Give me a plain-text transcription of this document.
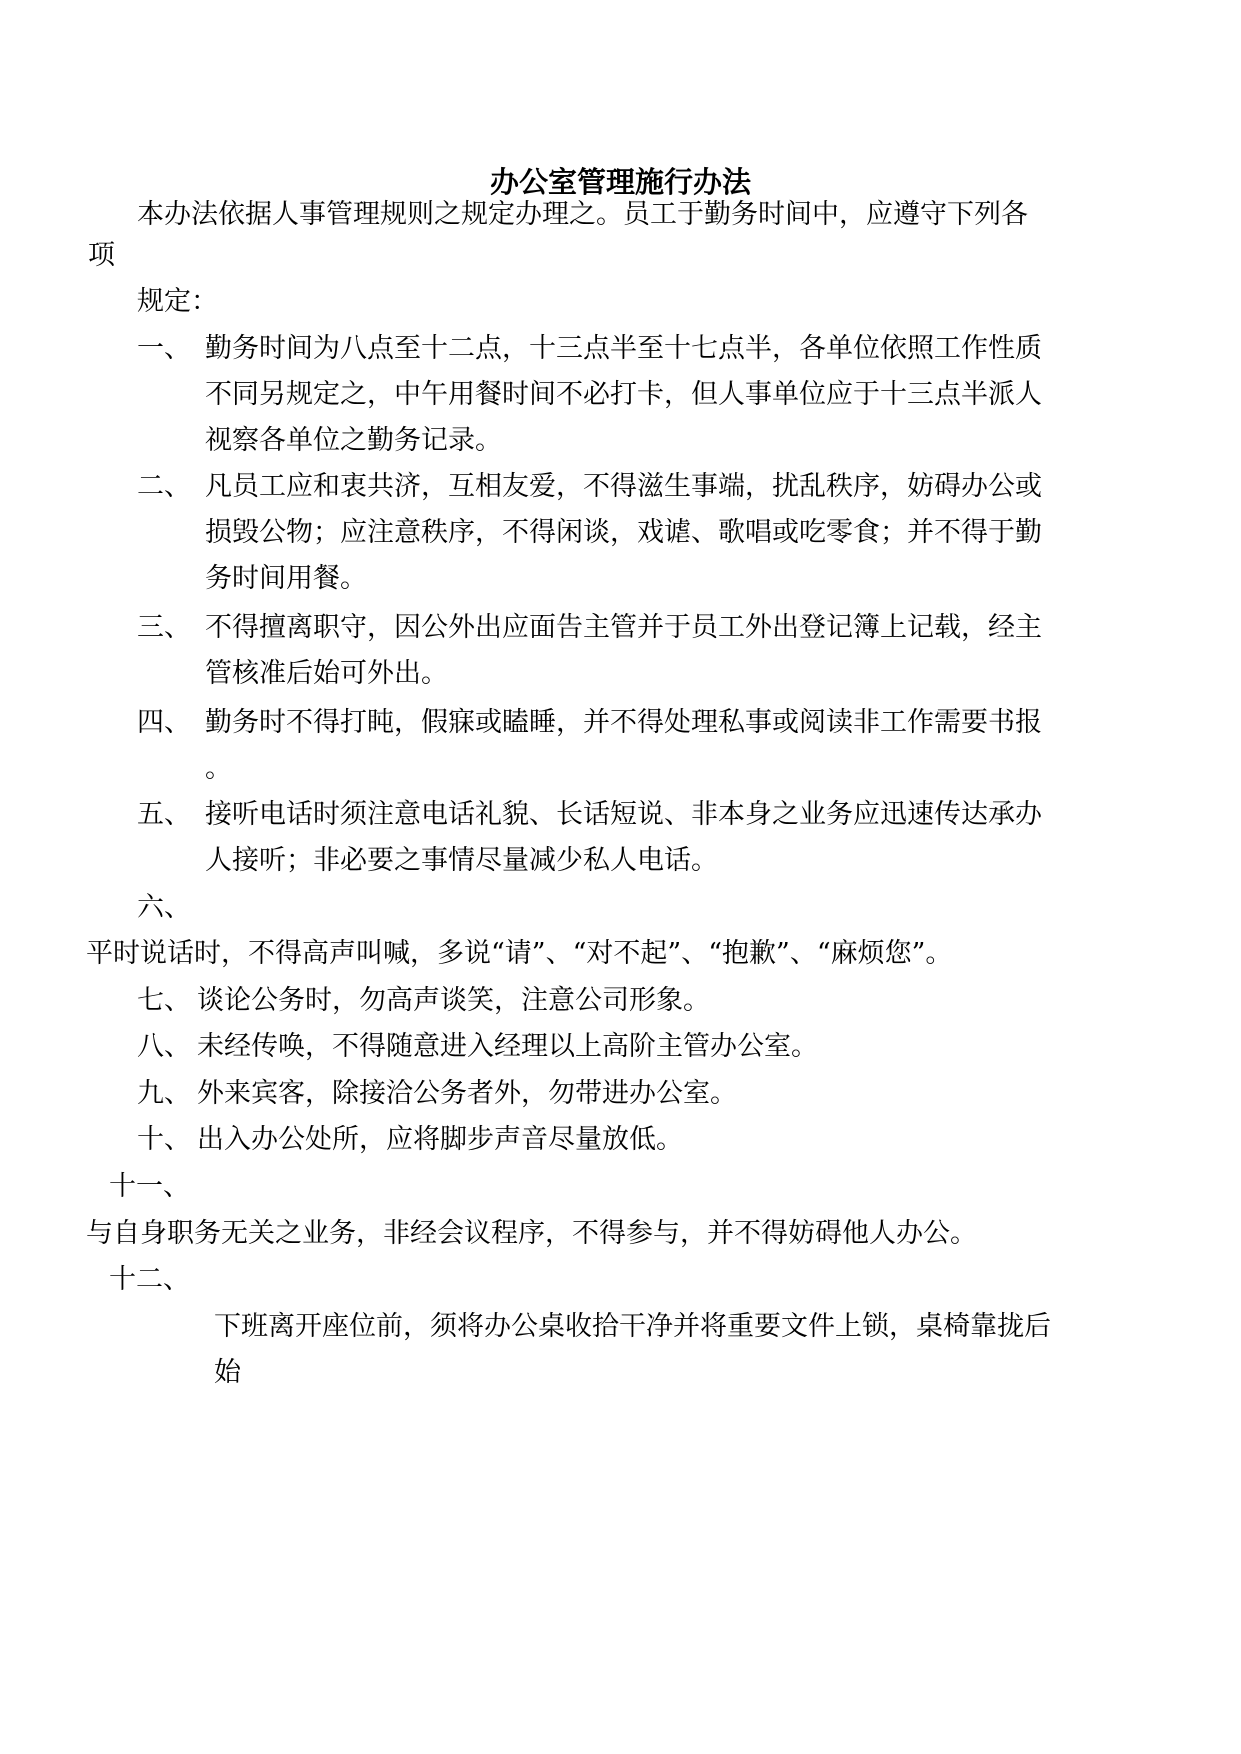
办公室管理施行办法

本办法依据人事管理规则之规定办理之。员工于勤务时间中，应遵守下列各

项

规定：

一、 勤务时间为八点至十二点，十三点半至十七点半，各单位依照工作性质
不同另规定之，中午用餐时间不必打卡，但人事单位应于十三点半派人
视察各单位之勤务记录。
二、 凡员工应和衷共济，互相友爱，不得滋生事端，扰乱秩序，妨碍办公或
损毁公物；应注意秩序，不得闲谈，戏谑、歌唱或吃零食；并不得于勤
务时间用餐。
三、 不得擅离职守，因公外出应面告主管并于员工外出登记簿上记载，经主
管核准后始可外出。
四、 勤务时不得打盹，假寐或瞌睡，并不得处理私事或阅读非工作需要书报
。
五、 接听电话时须注意电话礼貌、长话短说、非本身之业务应迅速传达承办
人接听；非必要之事情尽量减少私人电话。
六、
平时说话时，不得高声叫喊，多说“请”、“对不起”、“抱歉”、“麻烦您”。
七、 谈论公务时，勿高声谈笑，注意公司形象。
八、 未经传唤，不得随意进入经理以上高阶主管办公室。
九、 外来宾客，除接洽公务者外，勿带进办公室。
十、 出入办公处所，应将脚步声音尽量放低。
十一、
与自身职务无关之业务，非经会议程序，不得参与，并不得妨碍他人办公。
十二、
下班离开座位前，须将办公桌收拾干净并将重要文件上锁，桌椅靠拢后
始
